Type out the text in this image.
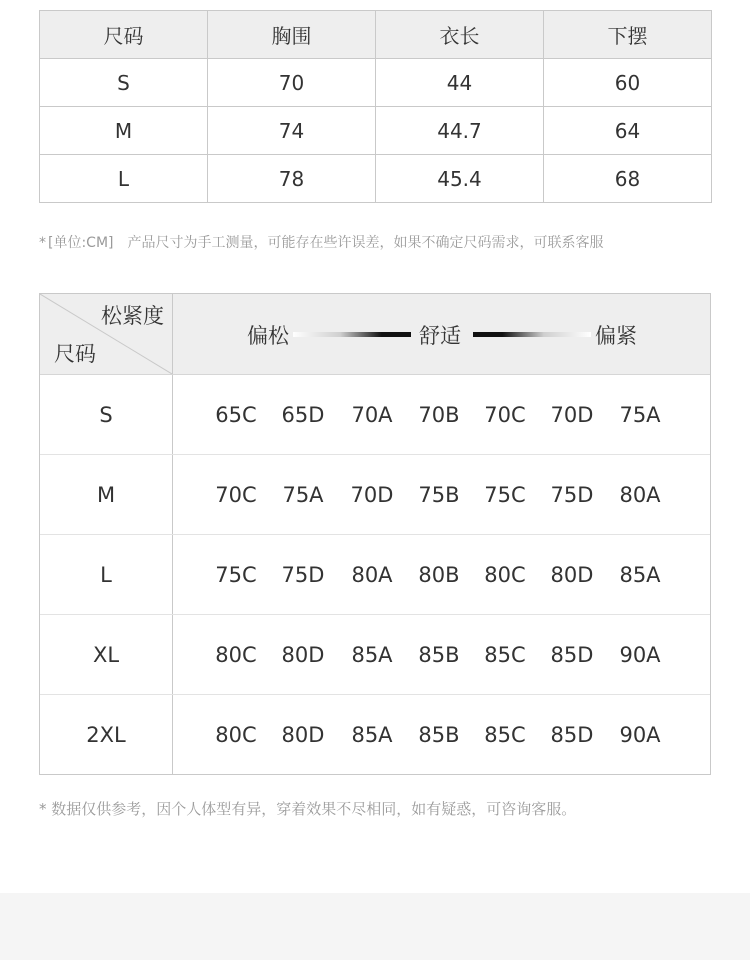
尺码	胸围	衣长	下摆
S	70	44	60
M	74	44.7	64
L	78	45.4	68
* [单位:CM] 产品尺寸为手工测量，可能存在些许误差，如果不确定尺码需求，可联系客服
松紧度
尺码
偏松	舒适	偏紧
S	65C 65D 70A 70B 70C 70D 75A
M	70C 75A 70D 75B 75C 75D 80A
L	75C 75D 80A 80B 80C 80D 85A
XL	80C 80D 85A 85B 85C 85D 90A
2XL	80C 80D 85A 85B 85C 85D 90A
* 数据仅供参考，因个人体型有异，穿着效果不尽相同，如有疑惑，可咨询客服。
